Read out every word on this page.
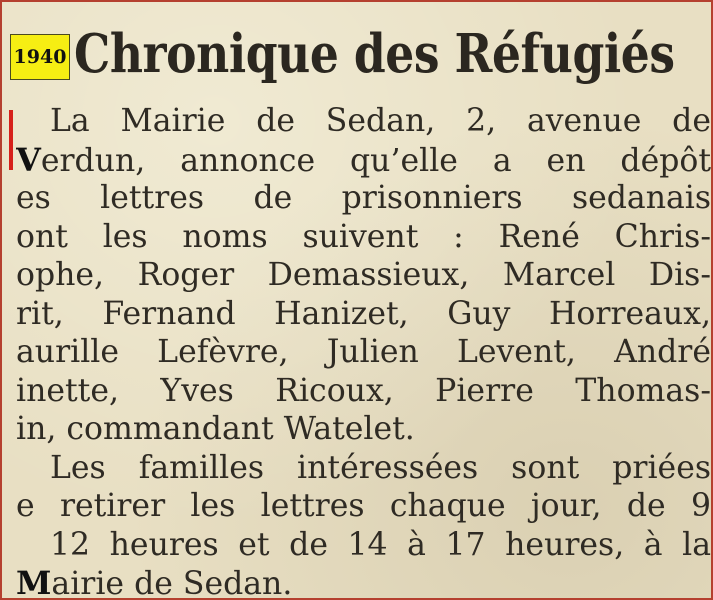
1940 Chronique des Réfugiés

La Mairie de Sedan, 2, avenue de

Verdun, annonce qu’elle a en dépôt

es lettres de prisonniers sedanais

ont les noms suivent : René Chris-

ophe, Roger Demassieux, Marcel Dis-

rit, Fernand Hanizet, Guy Horreaux,

aurille Lefèvre, Julien Levent, André

inette, Yves Ricoux, Pierre Thomas-

in, commandant Watelet.

Les familles intéressées sont priées

e retirer les lettres chaque jour, de 9

12 heures et de 14 à 17 heures, à la

Mairie de Sedan.
